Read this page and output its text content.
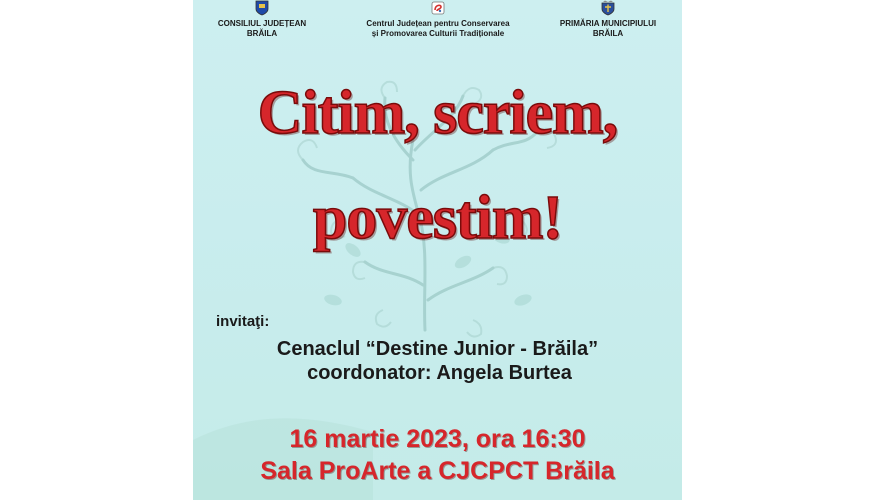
CONSILIUL JUDEȚEAN
BRĂILA
Centrul Județean pentru Conservarea
și Promovarea Culturii Tradiționale
PRIMĂRIA MUNICIPIULUI
BRĂILA
Citim, scriem,
povestim!
invitaţi:
Cenaclul “Destine Junior - Brăila”
coordonator: Angela Burtea
16 martie 2023, ora 16:30
Sala ProArte a CJCPCT Brăila
